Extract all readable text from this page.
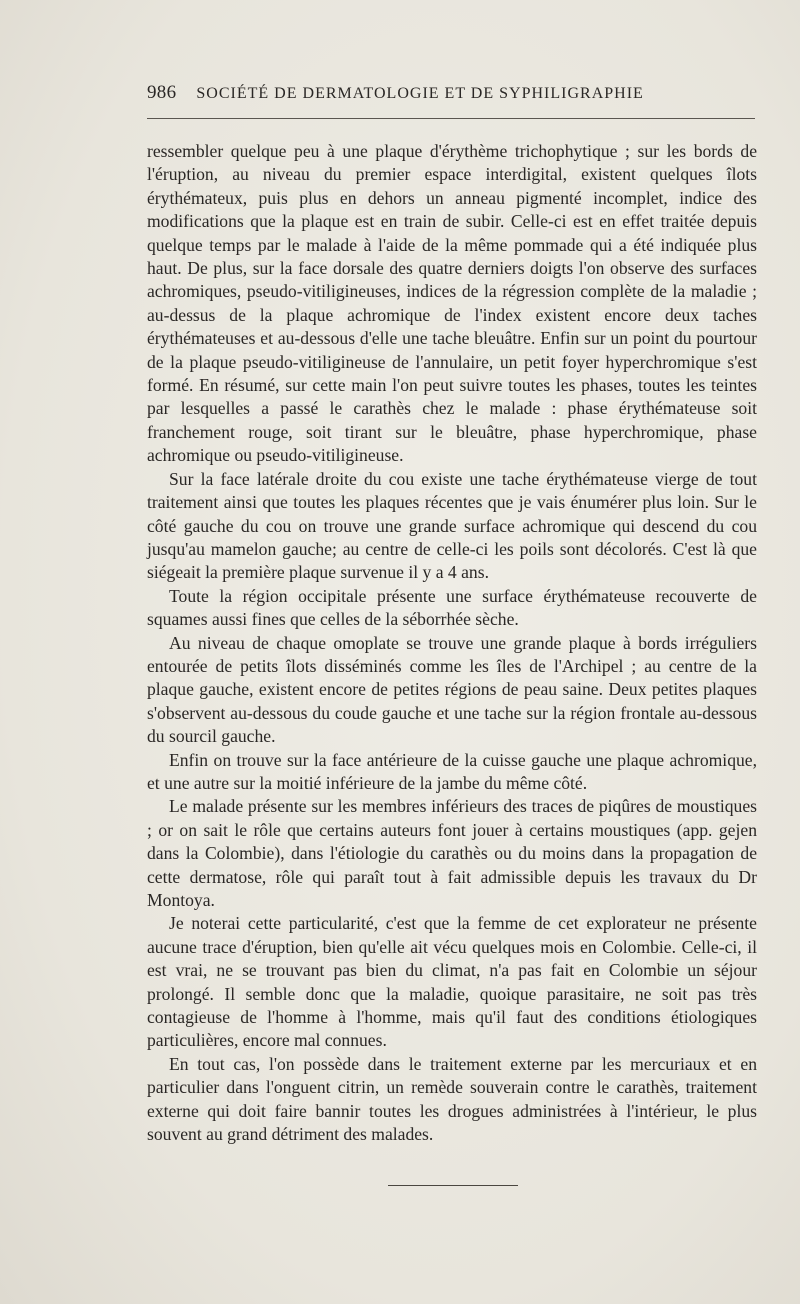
986 SOCIÉTÉ DE DERMATOLOGIE ET DE SYPHILIGRAPHIE

ressembler quelque peu à une plaque d'érythème trichophytique ; sur les bords de l'éruption, au niveau du premier espace interdigital, existent quelques îlots érythémateux, puis plus en dehors un anneau pigmenté incomplet, indice des modifications que la plaque est en train de subir. Celle-ci est en effet traitée depuis quelque temps par le malade à l'aide de la même pommade qui a été indiquée plus haut. De plus, sur la face dorsale des quatre derniers doigts l'on observe des surfaces achromiques, pseudo-vitiligineuses, indices de la régression complète de la maladie ; au-dessus de la plaque achromique de l'index existent encore deux taches érythémateuses et au-dessous d'elle une tache bleuâtre. Enfin sur un point du pourtour de la plaque pseudo-vitiligineuse de l'annulaire, un petit foyer hyperchromique s'est formé. En résumé, sur cette main l'on peut suivre toutes les phases, toutes les teintes par lesquelles a passé le carathès chez le malade : phase érythémateuse soit franchement rouge, soit tirant sur le bleuâtre, phase hyperchromique, phase achromique ou pseudo-vitiligineuse.

Sur la face latérale droite du cou existe une tache érythémateuse vierge de tout traitement ainsi que toutes les plaques récentes que je vais énumérer plus loin. Sur le côté gauche du cou on trouve une grande surface achromique qui descend du cou jusqu'au mamelon gauche; au centre de celle-ci les poils sont décolorés. C'est là que siégeait la première plaque survenue il y a 4 ans.

Toute la région occipitale présente une surface érythémateuse recouverte de squames aussi fines que celles de la séborrhée sèche.

Au niveau de chaque omoplate se trouve une grande plaque à bords irréguliers entourée de petits îlots disséminés comme les îles de l'Archipel ; au centre de la plaque gauche, existent encore de petites régions de peau saine. Deux petites plaques s'observent au-dessous du coude gauche et une tache sur la région frontale au-dessous du sourcil gauche.

Enfin on trouve sur la face antérieure de la cuisse gauche une plaque achromique, et une autre sur la moitié inférieure de la jambe du même côté.

Le malade présente sur les membres inférieurs des traces de piqûres de moustiques ; or on sait le rôle que certains auteurs font jouer à certains moustiques (app. gejen dans la Colombie), dans l'étiologie du carathès ou du moins dans la propagation de cette dermatose, rôle qui paraît tout à fait admissible depuis les travaux du Dr Montoya.

Je noterai cette particularité, c'est que la femme de cet explorateur ne présente aucune trace d'éruption, bien qu'elle ait vécu quelques mois en Colombie. Celle-ci, il est vrai, ne se trouvant pas bien du climat, n'a pas fait en Colombie un séjour prolongé. Il semble donc que la maladie, quoique parasitaire, ne soit pas très contagieuse de l'homme à l'homme, mais qu'il faut des conditions étiologiques particulières, encore mal connues.

En tout cas, l'on possède dans le traitement externe par les mercuriaux et en particulier dans l'onguent citrin, un remède souverain contre le carathès, traitement externe qui doit faire bannir toutes les drogues administrées à l'intérieur, le plus souvent au grand détriment des malades.
